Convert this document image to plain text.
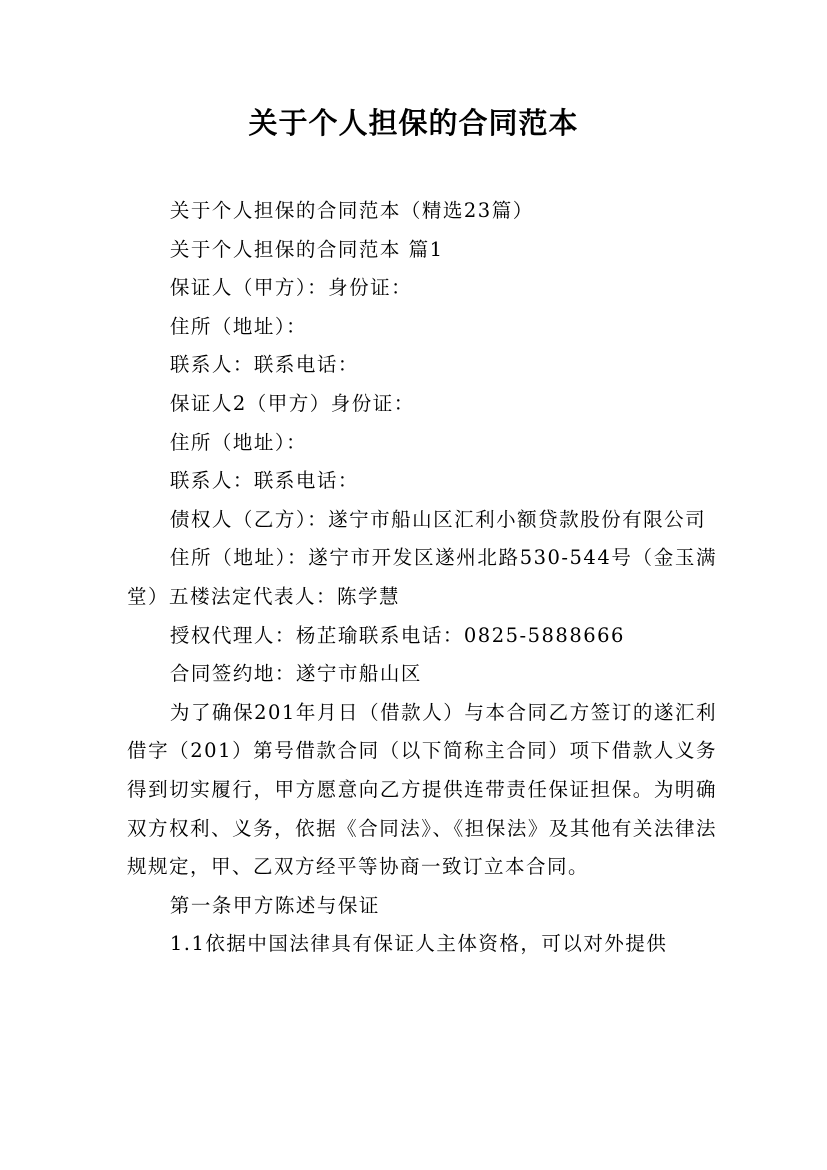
关于个人担保的合同范本

关于个人担保的合同范本（精选23篇）

关于个人担保的合同范本 篇1

保证人（甲方）：身份证：

住所（地址）：

联系人：联系电话：

保证人2（甲方）身份证：

住所（地址）：

联系人：联系电话：

债权人（乙方）：遂宁市船山区汇利小额贷款股份有限公司

住所（地址）：遂宁市开发区遂州北路530-544号（金玉满堂）五楼法定代表人：陈学慧

授权代理人：杨芷瑜联系电话：0825-5888666

合同签约地：遂宁市船山区

为了确保201年月日（借款人）与本合同乙方签订的遂汇利借字（201）第号借款合同（以下简称主合同）项下借款人义务得到切实履行，甲方愿意向乙方提供连带责任保证担保。为明确双方权利、义务，依据《合同法》、《担保法》及其他有关法律法规规定，甲、乙双方经平等协商一致订立本合同。

第一条甲方陈述与保证

1.1依据中国法律具有保证人主体资格，可以对外提供
